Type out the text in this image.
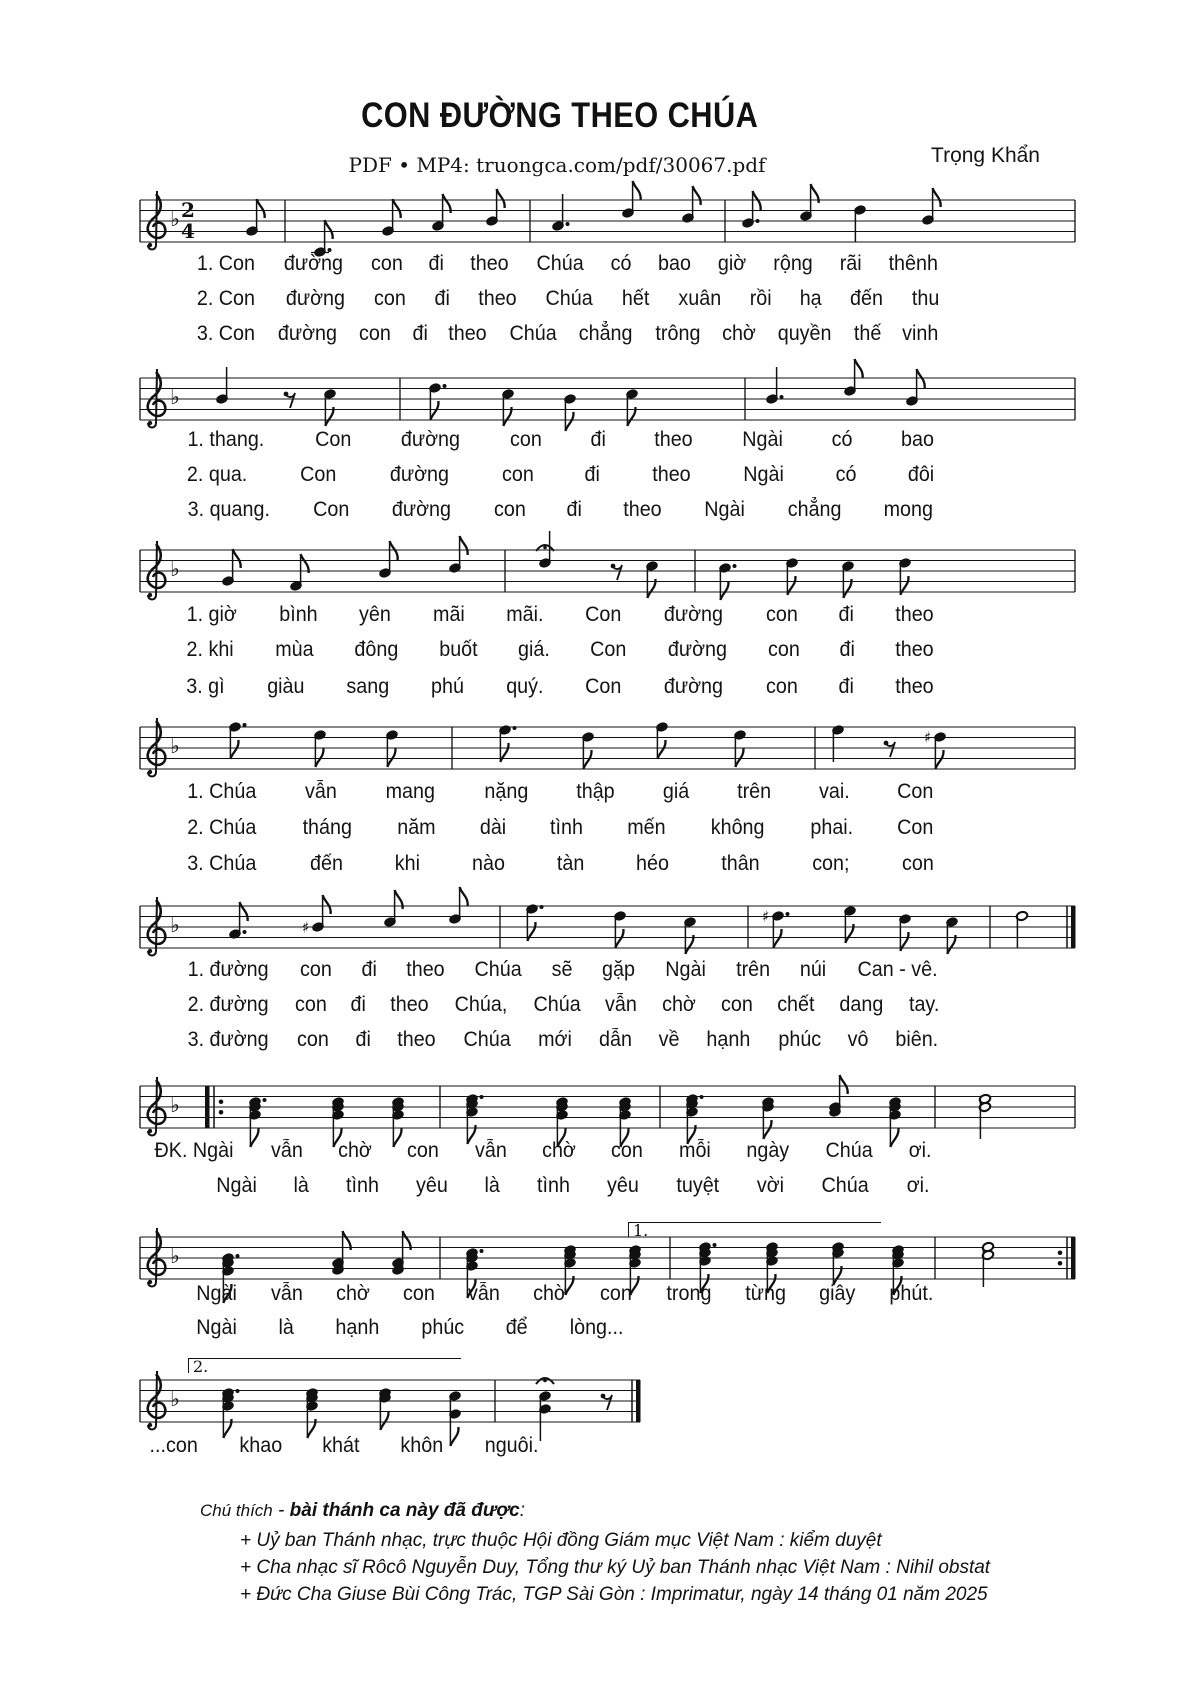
CON ĐƯỜNG THEO CHÚA
PDF • MP4: truongca.com/pdf/30067.pdf	Trọng Khẩn
♭ 2
4
♭
♭
♭	♯
♭	♯
♯
♭
♭
♭
1. Con đường con đi theo Chúa có bao giờ rộng rãi thênh
2. Con đường con đi theo Chúa hết xuân rồi hạ đến thu
3. Con đường con đi theo Chúa chẳng trông chờ quyền thế vinh
1. thang. Con đường con đi theo Ngài có bao
2. qua.	Con	đường	con đi theo Ngài có đôi
3. quang. Con đường con đi theo Ngài chẳng mong
1. giờ bình yên mãi mãi. Con đường con đi theo
2. khi mùa đông buốt giá. Con đường con đi theo
3. gì giàu sang phú quý. Con đường con đi theo
1. Chúa vẫn mang nặng thập giá trên vai. Con
2. Chúa tháng năm dài tình mến không phai. Con
3. Chúa	đến khi nào tàn héo thân	con; con
1. đường con đi theo Chúa sẽ gặp Ngài trên núi Can - vê.
2. đường con đi theo Chúa, Chúa vẫn chờ con chết dang tay.
3. đường con đi theo Chúa mới dẫn về hạnh phúc vô biên.
ĐK. Ngài vẫn chờ con vẫn chờ con mỗi ngày Chúa ơi.
Ngài là tình yêu là tình yêu tuyệt vời Chúa ơi.
Ngài vẫn chờ con vẫn chờ con trong từng giây phút.
Ngài là hạnh phúc để lòng...
...con khao khát khôn nguôi.
Chú thích - bài thánh ca này đã được:
+ Uỷ ban Thánh nhạc, trực thuộc Hội đồng Giám mục Việt Nam : kiểm duyệt
+ Cha nhạc sĩ Rôcô Nguyễn Duy, Tổng thư ký Uỷ ban Thánh nhạc Việt Nam : Nihil obstat
+ Đức Cha Giuse Bùi Công Trác, TGP Sài Gòn : Imprimatur, ngày 14 tháng 01 năm 2025
1.
2.
